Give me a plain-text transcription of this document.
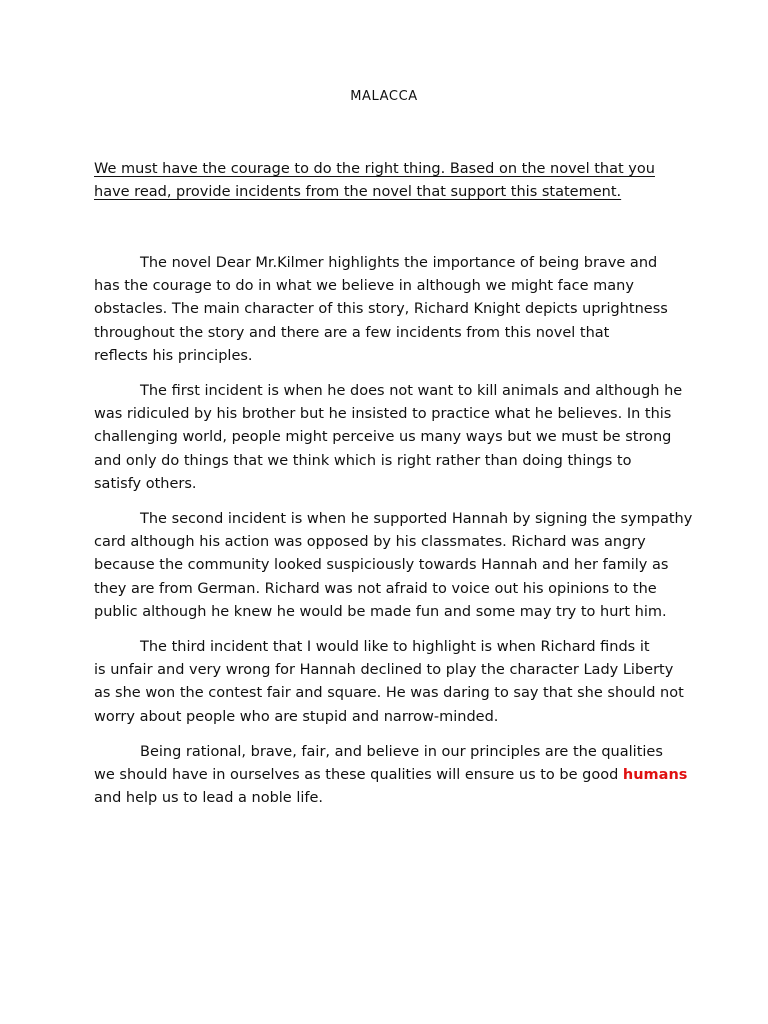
MALACCA
We must have the courage to do the right thing. Based on the novel that you
have read, provide incidents from the novel that support this statement.
The novel Dear Mr.Kilmer highlights the importance of being brave and
has the courage to do in what we believe in although we might face many
obstacles. The main character of this story, Richard Knight depicts uprightness
throughout the story and there are a few incidents from this novel that
reflects his principles.
The first incident is when he does not want to kill animals and although he
was ridiculed by his brother but he insisted to practice what he believes. In this
challenging world, people might perceive us many ways but we must be strong
and only do things that we think which is right rather than doing things to
satisfy others.
The second incident is when he supported Hannah by signing the sympathy
card although his action was opposed by his classmates. Richard was angry
because the community looked suspiciously towards Hannah and her family as
they are from German. Richard was not afraid to voice out his opinions to the
public although he knew he would be made fun and some may try to hurt him.
The third incident that I would like to highlight is when Richard finds it
is unfair and very wrong for Hannah declined to play the character Lady Liberty
as she won the contest fair and square. He was daring to say that she should not
worry about people who are stupid and narrow-minded.
Being rational, brave, fair, and believe in our principles are the qualities
we should have in ourselves as these qualities will ensure us to be good humans
and help us to lead a noble life.
